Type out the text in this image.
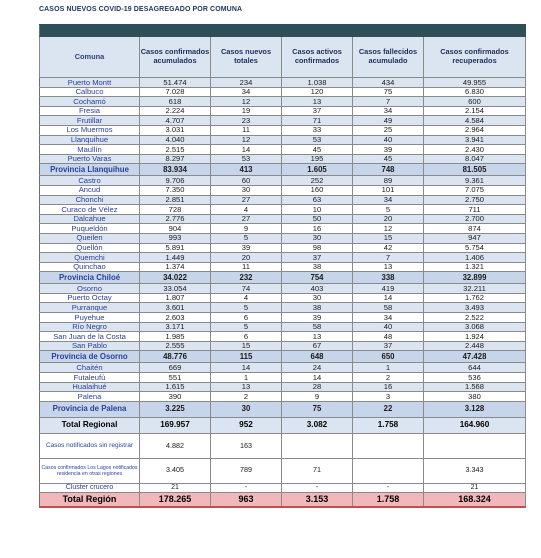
CASOS NUEVOS COVID-19 DESAGREGADO POR COMUNA

Comuna	Casos confirmados acumulados	Casos nuevos totales	Casos activos confirmados	Casos fallecidos acumulado	Casos confirmados recuperados
Puerto Montt	51.474	234	1.038	434	49.955
Calbuco	7.028	34	120	75	6.830
Cochamó	618	12	13	7	600
Fresia	2.224	19	37	34	2.154
Frutillar	4.707	23	71	49	4.584
Los Muermos	3.031	11	33	25	2.964
Llanquihue	4.040	12	53	40	3.941
Maullín	2.515	14	45	39	2.430
Puerto Varas	8.297	53	195	45	8.047
Provincia Llanquihue	83.934	413	1.605	748	81.505
Castro	9.706	60	252	89	9.361
Ancud	7.350	30	160	101	7.075
Chonchi	2.851	27	63	34	2.750
Curaco de Vélez	728	4	10	5	711
Dalcahue	2.776	27	50	20	2.700
Puqueldón	904	9	16	12	874
Queilen	993	5	30	15	947
Quellón	5.891	39	98	42	5.754
Quemchi	1.449	20	37	7	1.406
Quinchao	1.374	11	38	13	1.321
Provincia Chiloé	34.022	232	754	338	32.899
Osorno	33.054	74	403	419	32.211
Puerto Octay	1.807	4	30	14	1.762
Purranque	3.601	5	38	58	3.493
Puyehue	2.603	6	39	34	2.522
Río Negro	3.171	5	58	40	3.068
San Juan de la Costa	1.985	6	13	48	1.924
San Pablo	2.555	15	67	37	2.448
Provincia de Osorno	48.776	115	648	650	47.428
Chaitén	669	14	24	1	644
Futaleufú	551	1	14	2	536
Hualaihué	1.615	13	28	16	1.568
Palena	390	2	9	3	380
Provincia de Palena	3.225	30	75	22	3.128
Total Regional	169.957	952	3.082	1.758	164.960
Casos notificados sin registrar	4.882	163			
Casos confirmados Los Lagos notificados residencia en otras regiones	3.405	789	71		3.343
Cluster crucero	21	-	-	-	21
Total Región	178.265	963	3.153	1.758	168.324
